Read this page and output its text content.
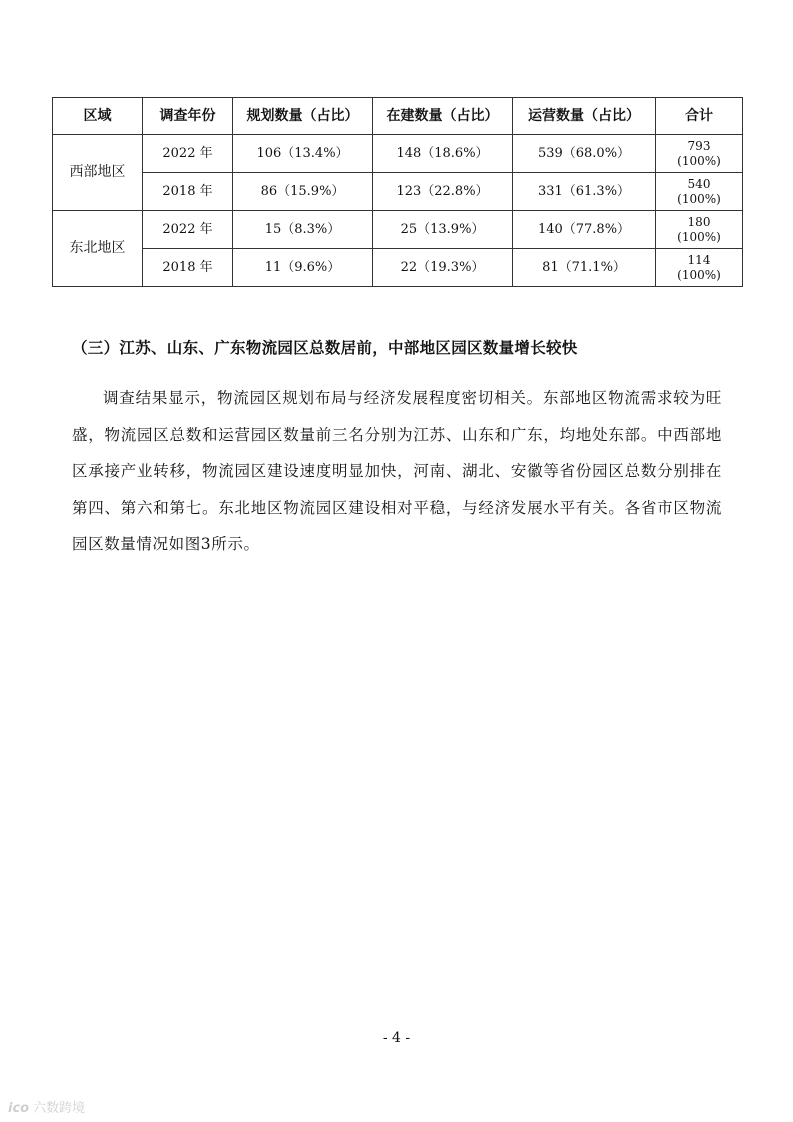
区域	调查年份	规划数量（占比）	在建数量（占比）	运营数量（占比）	合计
西部地区	2022 年	106（13.4%）	148（18.6%）	539（68.0%）	793
(100%)

	2018 年	86（15.9%）	123（22.8%）	331（61.3%）	540
(100%)

东北地区	2022 年	15（8.3%）	25（13.9%）	140（77.8%）	180
(100%)

	2018 年	11（9.6%）	22（19.3%）	81（71.1%）	114
(100%)
（三）江苏、山东、广东物流园区总数居前，中部地区园区数量增长较快

调查结果显示，物流园区规划布局与经济发展程度密切相关。东部地区物流需求较为旺盛，物流园区总数和运营园区数量前三名分别为江苏、山东和广东，均地处东部。中西部地区承接产业转移，物流园区建设速度明显加快，河南、湖北、安徽等省份园区总数分别排在第四、第六和第七。东北地区物流园区建设相对平稳，与经济发展水平有关。各省市区物流园区数量情况如图3所示。

- 4 -
ico 六数跨境
